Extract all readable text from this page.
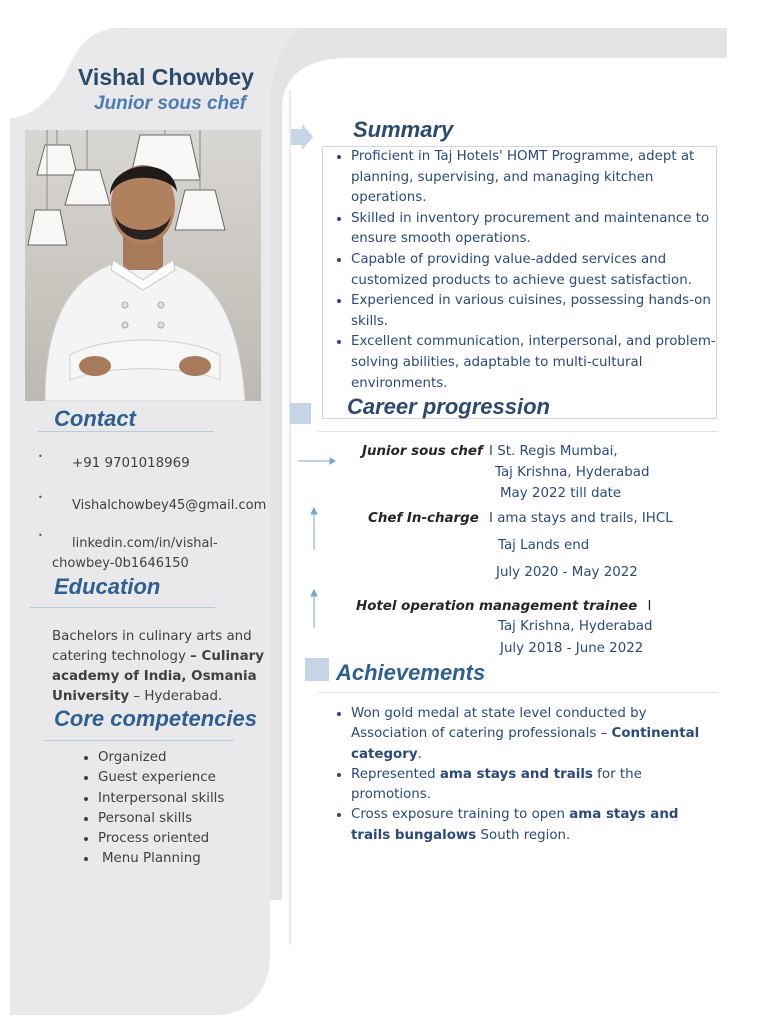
Vishal Chowbey
Junior sous chef
Contact
• +91 9701018969
•
Vishalchowbey45@gmail.com
•
linkedin.com/in/vishal-
chowbey-0b1646150
Education
Bachelors in culinary arts and
catering technology – Culinary
academy of India, Osmania
University – Hyderabad.
Core competencies
• Organized
• Guest experience
• Interpersonal skills
• Personal skills
• Process oriented
• Menu Planning
Summary
• Proficient in Taj Hotels' HOMT Programme, adept at planning, supervising, and managing kitchen operations.
• Skilled in inventory procurement and maintenance to ensure smooth operations.
• Capable of providing value-added services and customized products to achieve guest satisfaction.
• Experienced in various cuisines, possessing hands-on skills.
• Excellent communication, interpersonal, and problem-solving abilities, adaptable to multi-cultural environments.
Career progression
Junior sous chef I St. Regis Mumbai,
Taj Krishna, Hyderabad
May 2022 till date
Chef In-charge I ama stays and trails, IHCL
Taj Lands end
July 2020 - May 2022
Hotel operation management trainee I
Taj Krishna, Hyderabad
July 2018 - June 2022
Achievements
• Won gold medal at state level conducted by Association of catering professionals – Continental category.
• Represented ama stays and trails for the promotions.
• Cross exposure training to open ama stays and trails bungalows South region.
